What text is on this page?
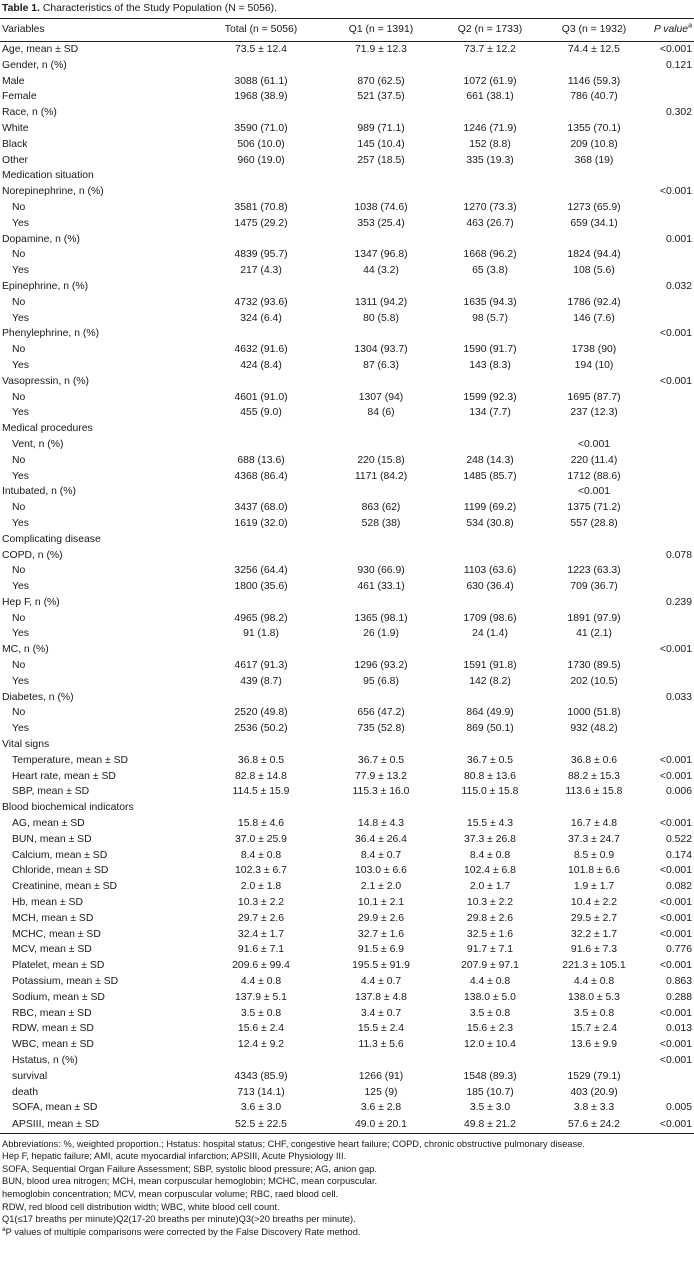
Table 1. Characteristics of the Study Population (N = 5056).
Variables	Total (n = 5056)	Q1 (n = 1391)	Q2 (n = 1733)	Q3 (n = 1932)	P value$^a$
Age, mean ± SD	73.5 ± 12.4	71.9 ± 12.3	73.7 ± 12.2	74.4 ± 12.5	<0.001
Gender, n (%)					0.121
Male	3088 (61.1)	870 (62.5)	1072 (61.9)	1146 (59.3)	
Female	1968 (38.9)	521 (37.5)	661 (38.1)	786 (40.7)	
Race, n (%)					0.302
White	3590 (71.0)	989 (71.1)	1246 (71.9)	1355 (70.1)	
Black	506 (10.0)	145 (10.4)	152 (8.8)	209 (10.8)	
Other	960 (19.0)	257 (18.5)	335 (19.3)	368 (19)	
Medication situation					
Norepinephrine, n (%)					<0.001
No	3581 (70.8)	1038 (74.6)	1270 (73.3)	1273 (65.9)	
Yes	1475 (29.2)	353 (25.4)	463 (26.7)	659 (34.1)	
Dopamine, n (%)					0.001
No	4839 (95.7)	1347 (96.8)	1668 (96.2)	1824 (94.4)	
Yes	217 (4.3)	44 (3.2)	65 (3.8)	108 (5.6)	
Epinephrine, n (%)					0.032
No	4732 (93.6)	1311 (94.2)	1635 (94.3)	1786 (92.4)	
Yes	324 (6.4)	80 (5.8)	98 (5.7)	146 (7.6)	
Phenylephrine, n (%)					<0.001
No	4632 (91.6)	1304 (93.7)	1590 (91.7)	1738 (90)	
Yes	424 (8.4)	87 (6.3)	143 (8.3)	194 (10)	
Vasopressin, n (%)					<0.001
No	4601 (91.0)	1307 (94)	1599 (92.3)	1695 (87.7)	
Yes	455 (9.0)	84 (6)	134 (7.7)	237 (12.3)	
Medical procedures					
Vent, n (%)				<0.001	
No	688 (13.6)	220 (15.8)	248 (14.3)	220 (11.4)	
Yes	4368 (86.4)	1171 (84.2)	1485 (85.7)	1712 (88.6)	
Intubated, n (%)				<0.001	
No	3437 (68.0)	863 (62)	1199 (69.2)	1375 (71.2)	
Yes	1619 (32.0)	528 (38)	534 (30.8)	557 (28.8)	
Complicating disease					
COPD, n (%)					0.078
No	3256 (64.4)	930 (66.9)	1103 (63.6)	1223 (63.3)	
Yes	1800 (35.6)	461 (33.1)	630 (36.4)	709 (36.7)	
Hep F, n (%)					0.239
No	4965 (98.2)	1365 (98.1)	1709 (98.6)	1891 (97.9)	
Yes	91 (1.8)	26 (1.9)	24 (1.4)	41 (2.1)	
MC, n (%)					<0.001
No	4617 (91.3)	1296 (93.2)	1591 (91.8)	1730 (89.5)	
Yes	439 (8.7)	95 (6.8)	142 (8.2)	202 (10.5)	
Diabetes, n (%)					0.033
No	2520 (49.8)	656 (47.2)	864 (49.9)	1000 (51.8)	
Yes	2536 (50.2)	735 (52.8)	869 (50.1)	932 (48.2)	
Vital signs					
Temperature, mean ± SD	36.8 ± 0.5	36.7 ± 0.5	36.7 ± 0.5	36.8 ± 0.6	<0.001
Heart rate, mean ± SD	82.8 ± 14.8	77.9 ± 13.2	80.8 ± 13.6	88.2 ± 15.3	<0.001
SBP, mean ± SD	114.5 ± 15.9	115.3 ± 16.0	115.0 ± 15.8	113.6 ± 15.8	0.006
Blood biochemical indicators					
AG, mean ± SD	15.8 ± 4.6	14.8 ± 4.3	15.5 ± 4.3	16.7 ± 4.8	<0.001
BUN, mean ± SD	37.0 ± 25.9	36.4 ± 26.4	37.3 ± 26.8	37.3 ± 24.7	0.522
Calcium, mean ± SD	8.4 ± 0.8	8.4 ± 0.7	8.4 ± 0.8	8.5 ± 0.9	0.174
Chloride, mean ± SD	102.3 ± 6.7	103.0 ± 6.6	102.4 ± 6.8	101.8 ± 6.6	<0.001
Creatinine, mean ± SD	2.0 ± 1.8	2.1 ± 2.0	2.0 ± 1.7	1.9 ± 1.7	0.082
Hb, mean ± SD	10.3 ± 2.2	10.1 ± 2.1	10.3 ± 2.2	10.4 ± 2.2	<0.001
MCH, mean ± SD	29.7 ± 2.6	29.9 ± 2.6	29.8 ± 2.6	29.5 ± 2.7	<0.001
MCHC, mean ± SD	32.4 ± 1.7	32.7 ± 1.6	32.5 ± 1.6	32.2 ± 1.7	<0.001
MCV, mean ± SD	91.6 ± 7.1	91.5 ± 6.9	91.7 ± 7.1	91.6 ± 7.3	0.776
Platelet, mean ± SD	209.6 ± 99.4	195.5 ± 91.9	207.9 ± 97.1	221.3 ± 105.1	<0.001
Potassium, mean ± SD	4.4 ± 0.8	4.4 ± 0.7	4.4 ± 0.8	4.4 ± 0.8	0.863
Sodium, mean ± SD	137.9 ± 5.1	137.8 ± 4.8	138.0 ± 5.0	138.0 ± 5.3	0.288
RBC, mean ± SD	3.5 ± 0.8	3.4 ± 0.7	3.5 ± 0.8	3.5 ± 0.8	<0.001
RDW, mean ± SD	15.6 ± 2.4	15.5 ± 2.4	15.6 ± 2.3	15.7 ± 2.4	0.013
WBC, mean ± SD	12.4 ± 9.2	11.3 ± 5.6	12.0 ± 10.4	13.6 ± 9.9	<0.001
Hstatus, n (%)					<0.001
survival	4343 (85.9)	1266 (91)	1548 (89.3)	1529 (79.1)	
death	713 (14.1)	125 (9)	185 (10.7)	403 (20.9)	
SOFA, mean ± SD	3.6 ± 3.0	3.6 ± 2.8	3.5 ± 3.0	3.8 ± 3.3	0.005
APSIII, mean ± SD	52.5 ± 22.5	49.0 ± 20.1	49.8 ± 21.2	57.6 ± 24.2	<0.001
Abbreviations: %, weighted proportion.; Hstatus: hospital status; CHF, congestive heart failure; COPD, chronic obstructive pulmonary disease.
Hep F, hepatic failure; AMI, acute myocardial infarction; APSIII, Acute Physiology III.
SOFA, Sequential Organ Failure Assessment; SBP, systolic blood pressure; AG, anion gap.
BUN, blood urea nitrogen; MCH, mean corpuscular hemoglobin; MCHC, mean corpuscular.
hemoglobin concentration; MCV, mean corpuscular volume; RBC, raed blood cell.
RDW, red blood cell distribution width; WBC, white blood cell count.
Q1(≤17 breaths per minute)Q2(17-20 breaths per minute)Q3(>20 breaths per minute).
$^a$P values of multiple comparisons were corrected by the False Discovery Rate method.
